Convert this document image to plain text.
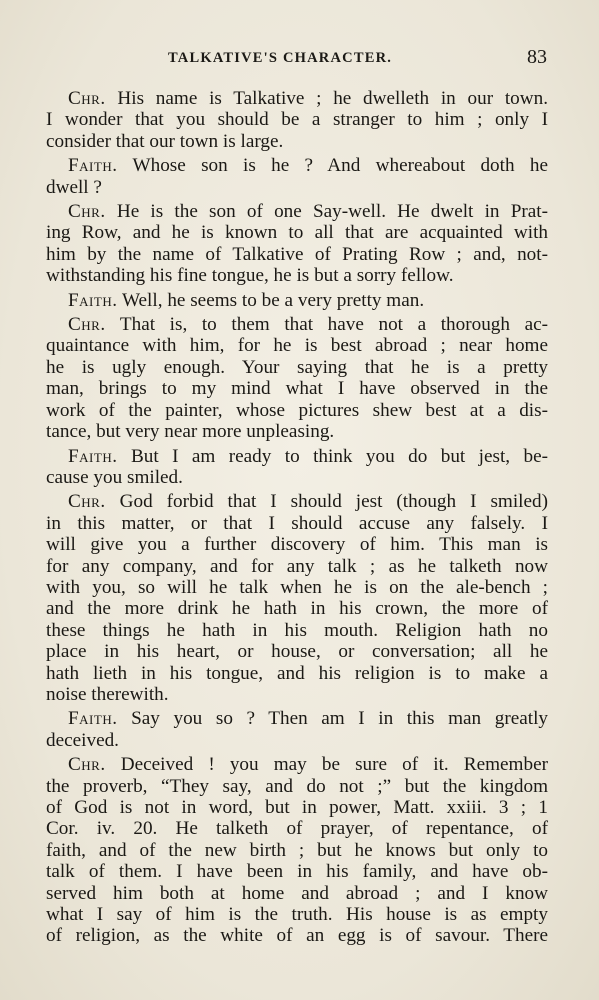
TALKATIVE'S CHARACTER.	83
Chr. His name is Talkative ; he dwelleth in our town.
I wonder that you should be a stranger to him ; only I
consider that our town is large.
Faith. Whose son is he ? And whereabout doth he
dwell ?
Chr. He is the son of one Say-well. He dwelt in Prat-
ing Row, and he is known to all that are acquainted with
him by the name of Talkative of Prating Row ; and, not-
withstanding his fine tongue, he is but a sorry fellow.
Faith. Well, he seems to be a very pretty man.
Chr. That is, to them that have not a thorough ac-
quaintance with him, for he is best abroad ; near home
he is ugly enough. Your saying that he is a pretty
man, brings to my mind what I have observed in the
work of the painter, whose pictures shew best at a dis-
tance, but very near more unpleasing.
Faith. But I am ready to think you do but jest, be-
cause you smiled.
Chr. God forbid that I should jest (though I smiled)
in this matter, or that I should accuse any falsely. I
will give you a further discovery of him. This man is
for any company, and for any talk ; as he talketh now
with you, so will he talk when he is on the ale-bench ;
and the more drink he hath in his crown, the more of
these things he hath in his mouth. Religion hath no
place in his heart, or house, or conversation; all he
hath lieth in his tongue, and his religion is to make a
noise therewith.
Faith. Say you so ? Then am I in this man greatly
deceived.
Chr. Deceived ! you may be sure of it. Remember
the proverb, “They say, and do not ;” but the kingdom
of God is not in word, but in power, Matt. xxiii. 3 ; 1
Cor. iv. 20. He talketh of prayer, of repentance, of
faith, and of the new birth ; but he knows but only to
talk of them. I have been in his family, and have ob-
served him both at home and abroad ; and I know
what I say of him is the truth. His house is as empty
of religion, as the white of an egg is of savour. There
